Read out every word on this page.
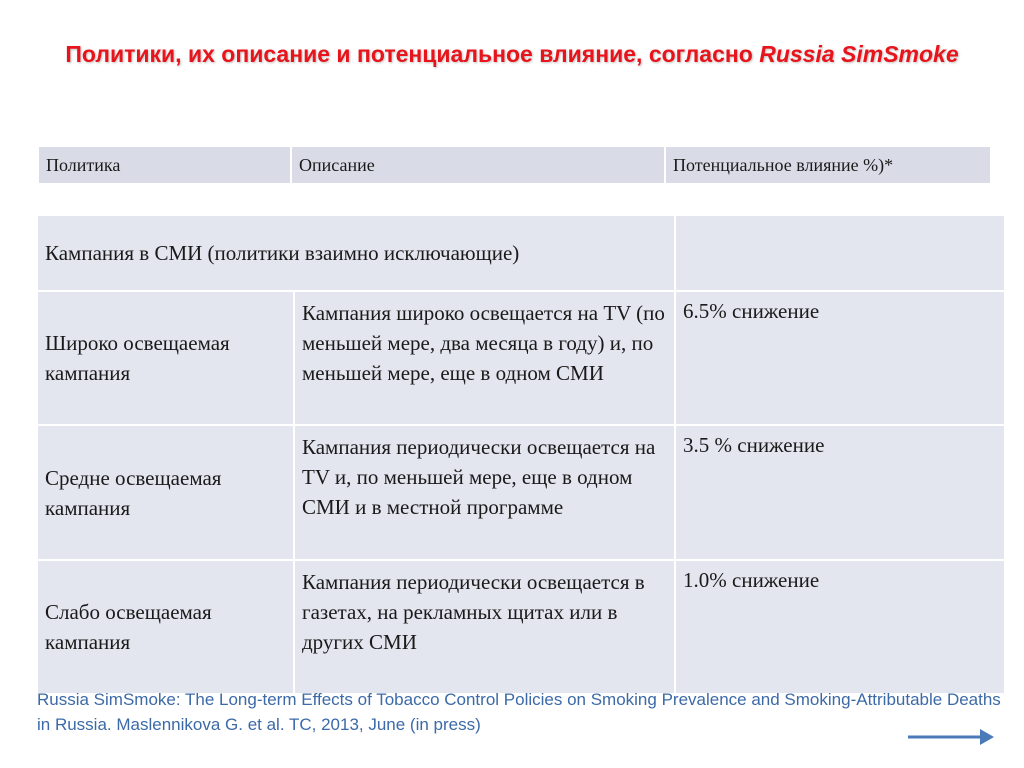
Политики, их описание и потенциальное влияние, согласно Russia SimSmoke
Политика	Описание	Потенциальное влияние %)*
Кампания в СМИ (политики взаимно исключающие)		
Широко освещаемая кампания	Кампания широко освещается на TV (по меньшей мере, два месяца в году) и, по меньшей мере, еще в одном СМИ	6.5% снижение
Средне освещаемая кампания	Кампания периодически освещается на TV и, по меньшей мере, еще в одном СМИ и в местной программе	3.5 % снижение
Слабо освещаемая кампания	Кампания периодически освещается в газетах, на рекламных щитах или в других СМИ	1.0% снижение
Russia SimSmoke: The Long-term Effects of Tobacco Control Policies on Smoking Prevalence and Smoking-Attributable Deaths in Russia. Maslennikova G. et al. TC, 2013, June (in press)
